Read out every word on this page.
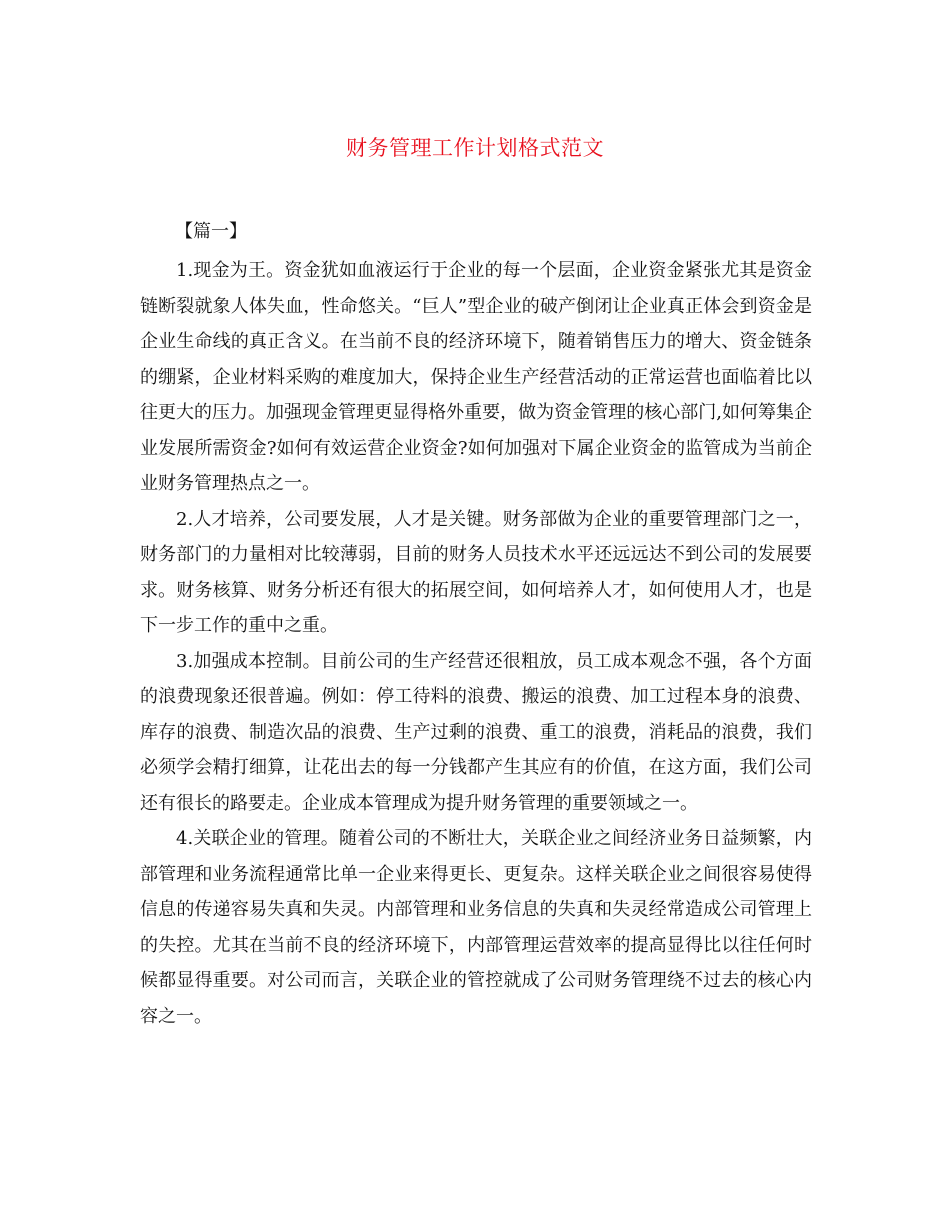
财务管理工作计划格式范文
【篇一】

1.现金为王。资金犹如血液运行于企业的每一个层面，企业资金紧张尤其是资金链断裂就象人体失血，性命悠关。“巨人”型企业的破产倒闭让企业真正体会到资金是企业生命线的真正含义。在当前不良的经济环境下，随着销售压力的增大、资金链条的绷紧，企业材料采购的难度加大，保持企业生产经营活动的正常运营也面临着比以往更大的压力。加强现金管理更显得格外重要，做为资金管理的核心部门,如何筹集企业发展所需资金?如何有效运营企业资金?如何加强对下属企业资金的监管成为当前企业财务管理热点之一。

2.人才培养，公司要发展，人才是关键。财务部做为企业的重要管理部门之一，财务部门的力量相对比较薄弱，目前的财务人员技术水平还远远达不到公司的发展要求。财务核算、财务分析还有很大的拓展空间，如何培养人才，如何使用人才，也是下一步工作的重中之重。

3.加强成本控制。目前公司的生产经营还很粗放，员工成本观念不强，各个方面的浪费现象还很普遍。例如：停工待料的浪费、搬运的浪费、加工过程本身的浪费、库存的浪费、制造次品的浪费、生产过剩的浪费、重工的浪费，消耗品的浪费，我们必须学会精打细算，让花出去的每一分钱都产生其应有的价值，在这方面，我们公司还有很长的路要走。企业成本管理成为提升财务管理的重要领域之一。

4.关联企业的管理。随着公司的不断壮大，关联企业之间经济业务日益频繁，内部管理和业务流程通常比单一企业来得更长、更复杂。这样关联企业之间很容易使得信息的传递容易失真和失灵。内部管理和业务信息的失真和失灵经常造成公司管理上的失控。尤其在当前不良的经济环境下，内部管理运营效率的提高显得比以往任何时候都显得重要。对公司而言，关联企业的管控就成了公司财务管理绕不过去的核心内容之一。
